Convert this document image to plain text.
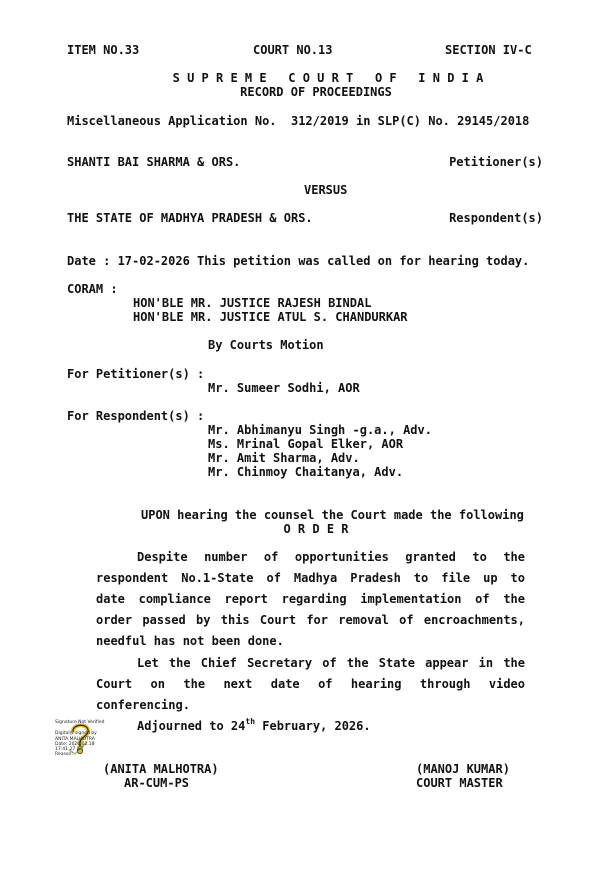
ITEM NO.33	COURT NO.13	SECTION IV-C
S U P R E M E   C O U R T   O F   I N D I A
RECORD OF PROCEEDINGS
Miscellaneous Application No.  312/2019 in SLP(C) No. 29145/2018
SHANTI BAI SHARMA & ORS.	Petitioner(s)
VERSUS
THE STATE OF MADHYA PRADESH & ORS.	Respondent(s)
Date : 17-02-2026 This petition was called on for hearing today.
CORAM :
HON'BLE MR. JUSTICE RAJESH BINDAL
HON'BLE MR. JUSTICE ATUL S. CHANDURKAR
By Courts Motion
For Petitioner(s) :
Mr. Sumeer Sodhi, AOR
For Respondent(s) :
Mr. Abhimanyu Singh -g.a., Adv.
Ms. Mrinal Gopal Elker, AOR
Mr. Amit Sharma, Adv.
Mr. Chinmoy Chaitanya, Adv.
UPON hearing the counsel the Court made the following
O R D E R
Despite number of opportunities granted to the
respondent No.1-State of Madhya Pradesh to file up to
date compliance report regarding implementation of the
order passed by this Court for removal of encroachments,
needful has not been done.
Let the Chief Secretary of the State appear in the
Court on the next date of hearing through video
conferencing.
Adjourned to 24th February, 2026.
Signature Not Verified
Digitally signed by
ANITA MALHOTRA
Date: 2026.02.18
17:41:27 IST
Reason:
(ANITA MALHOTRA)
AR-CUM-PS
(MANOJ KUMAR)
COURT MASTER
